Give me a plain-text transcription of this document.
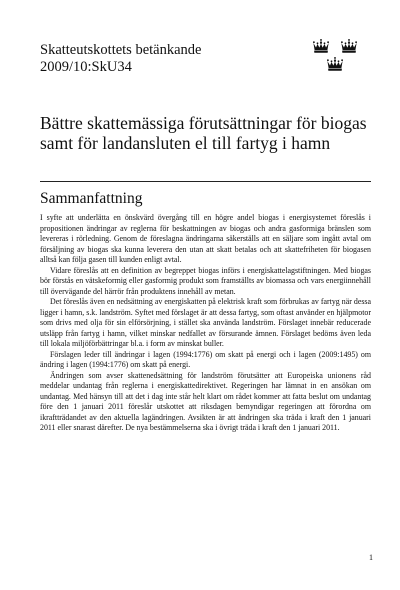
Skatteutskottets betänkande
2009/10:SkU34
Bättre skattemässiga förutsättningar för biogas samt för landansluten el till fartyg i hamn
Sammanfattning

I syfte att underlätta en önskvärd övergång till en högre andel biogas i energisystemet föreslås i propositionen ändringar av reglerna för beskattningen av biogas och andra gasformiga bränslen som levereras i rörledning. Genom de föreslagna ändringarna säkerställs att en säljare som ingått avtal om försäljning av biogas ska kunna leverera den utan att skatt betalas och att skattefriheten för biogasen alltså kan följa gasen till kunden enligt avtal.

Vidare föreslås att en definition av begreppet biogas införs i energiskattelagstiftningen. Med biogas bör förstås en vätskeformig eller gasformig produkt som framställts av biomassa och vars energiinnehåll till övervägande del härrör från produktens innehåll av metan.

Det föreslås även en nedsättning av energiskatten på elektrisk kraft som förbrukas av fartyg när dessa ligger i hamn, s.k. landström. Syftet med förslaget är att dessa fartyg, som oftast använder en hjälpmotor som drivs med olja för sin elförsörjning, i stället ska använda landström. Förslaget innebär reducerade utsläpp från fartyg i hamn, vilket minskar nedfallet av försurande ämnen. Förslaget bedöms även leda till lokala miljöförbättringar bl.a. i form av minskat buller.

Förslagen leder till ändringar i lagen (1994:1776) om skatt på energi och i lagen (2009:1495) om ändring i lagen (1994:1776) om skatt på energi.

Ändringen som avser skattenedsättning för landström förutsätter att Europeiska unionens råd meddelar undantag från reglerna i energiskattedirektivet. Regeringen har lämnat in en ansökan om undantag. Med hänsyn till att det i dag inte står helt klart om rådet kommer att fatta beslut om undantag före den 1 januari 2011 föreslår utskottet att riksdagen bemyndigar regeringen att förordna om ikraftträdandet av den aktuella lagändringen. Avsikten är att ändringen ska träda i kraft den 1 januari 2011 eller snarast därefter. De nya bestämmelserna ska i övrigt träda i kraft den 1 januari 2011.

1
